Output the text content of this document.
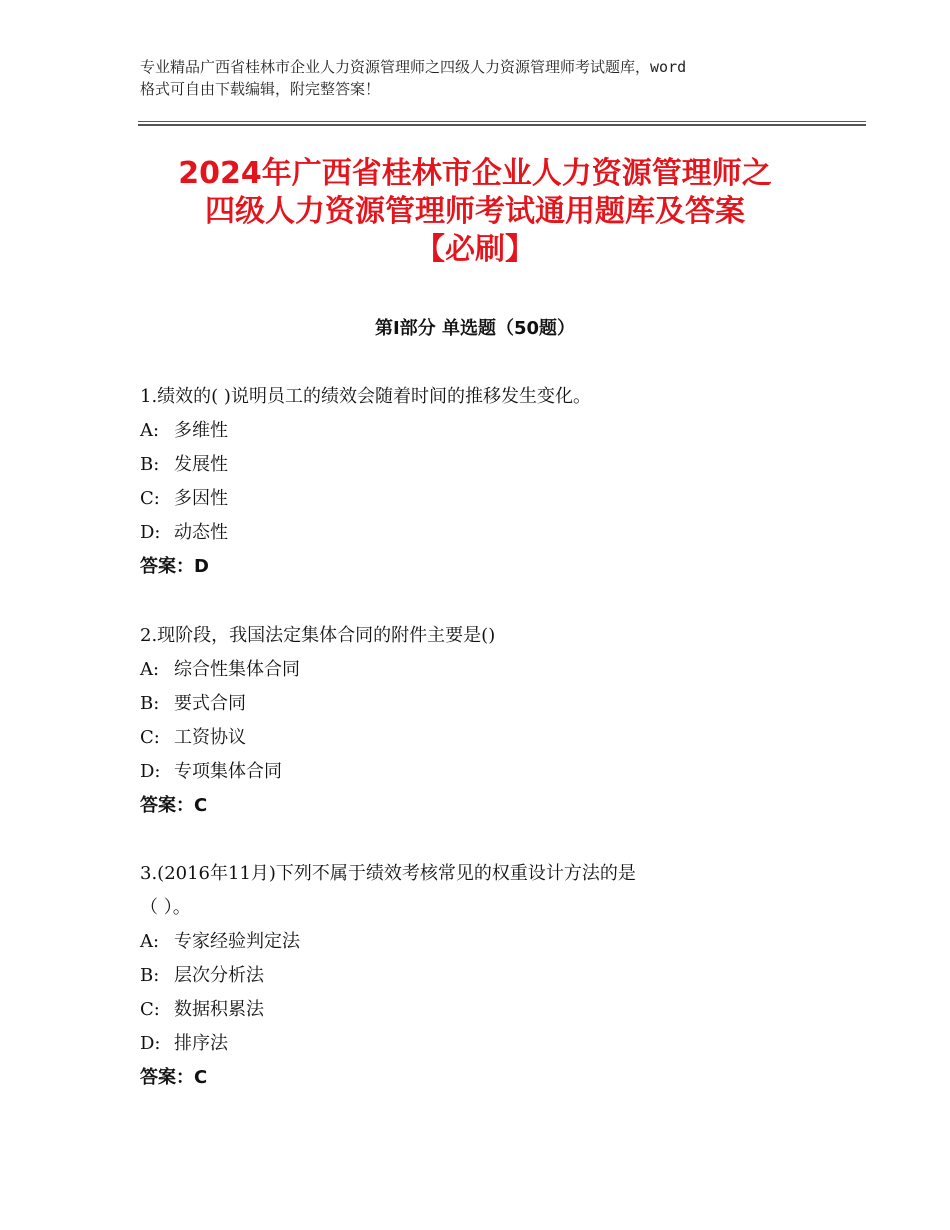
专业精品广西省桂林市企业人力资源管理师之四级人力资源管理师考试题库，word
格式可自由下载编辑，附完整答案！
2024年广西省桂林市企业人力资源管理师之
四级人力资源管理师考试通用题库及答案
【必刷】
第Ⅰ部分 单选题（50题）
1.绩效的( )说明员工的绩效会随着时间的推移发生变化。
A: 多维性
B: 发展性
C: 多因性
D: 动态性
答案：D
2.现阶段，我国法定集体合同的附件主要是()
A: 综合性集体合同
B: 要式合同
C: 工资协议
D: 专项集体合同
答案：C
3.(2016年11月)下列不属于绩效考核常见的权重设计方法的是
（ ）。
A: 专家经验判定法
B: 层次分析法
C: 数据积累法
D: 排序法
答案：C
